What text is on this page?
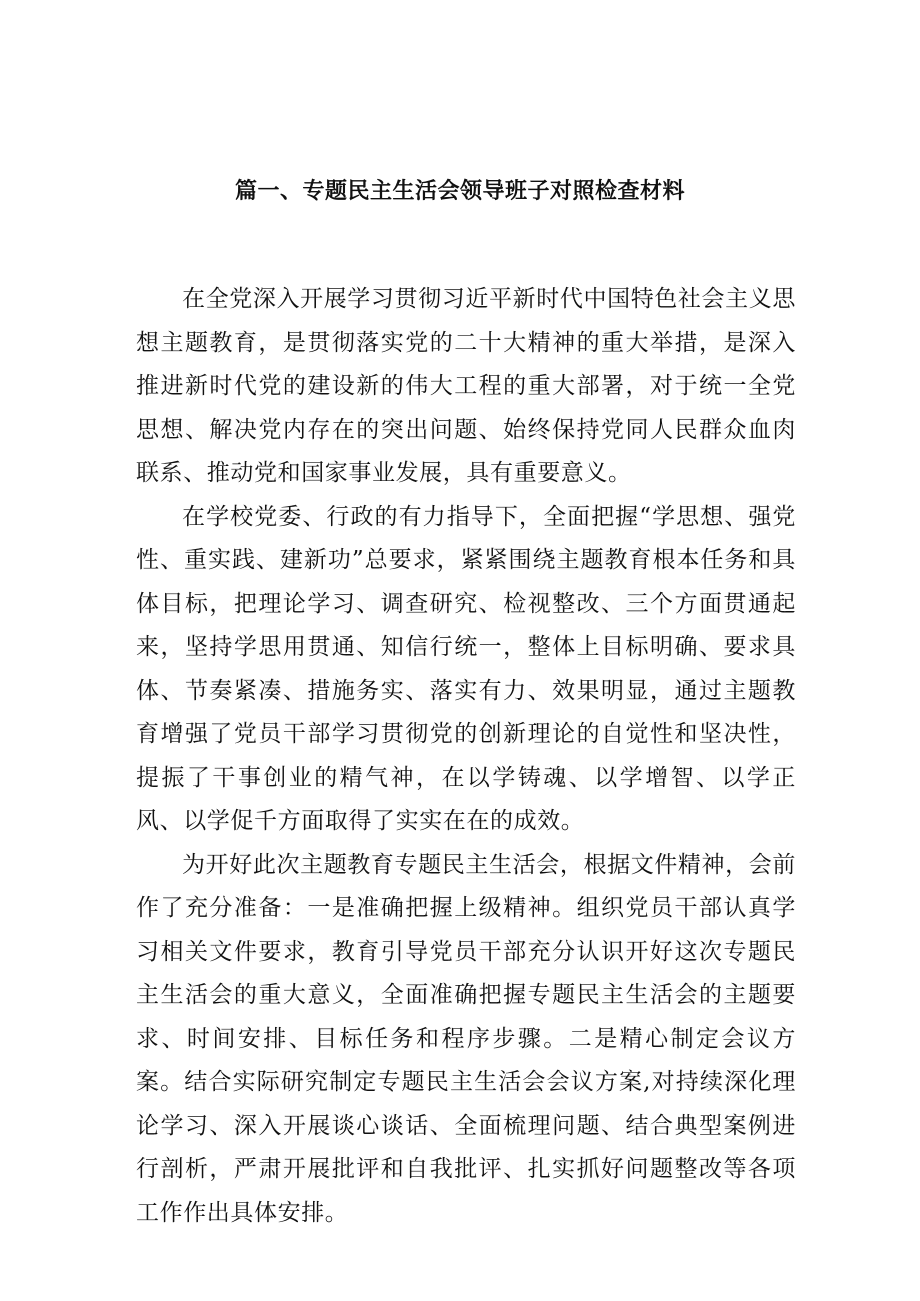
篇一、专题民主生活会领导班子对照检查材料

在全党深入开展学习贯彻习近平新时代中国特色社会主义思想主题教育，是贯彻落实党的二十大精神的重大举措，是深入推进新时代党的建设新的伟大工程的重大部署，对于统一全党思想、解决党内存在的突出问题、始终保持党同人民群众血肉联系、推动党和国家事业发展，具有重要意义。

在学校党委、行政的有力指导下，全面把握“学思想、强党性、重实践、建新功”总要求，紧紧围绕主题教育根本任务和具体目标，把理论学习、调查研究、检视整改、三个方面贯通起来，坚持学思用贯通、知信行统一，整体上目标明确、要求具体、节奏紧凑、措施务实、落实有力、效果明显，通过主题教育增强了党员干部学习贯彻党的创新理论的自觉性和坚决性，提振了干事创业的精气神，在以学铸魂、以学增智、以学正风、以学促千方面取得了实实在在的成效。

为开好此次主题教育专题民主生活会，根据文件精神，会前作了充分准备：一是准确把握上级精神。组织党员干部认真学习相关文件要求，教育引导党员干部充分认识开好这次专题民主生活会的重大意义，全面准确把握专题民主生活会的主题要求、时间安排、目标任务和程序步骤。二是精心制定会议方案。结合实际研究制定专题民主生活会会议方案,对持续深化理论学习、深入开展谈心谈话、全面梳理问题、结合典型案例进行剖析，严肃开展批评和自我批评、扎实抓好问题整改等各项工作作出具体安排。
